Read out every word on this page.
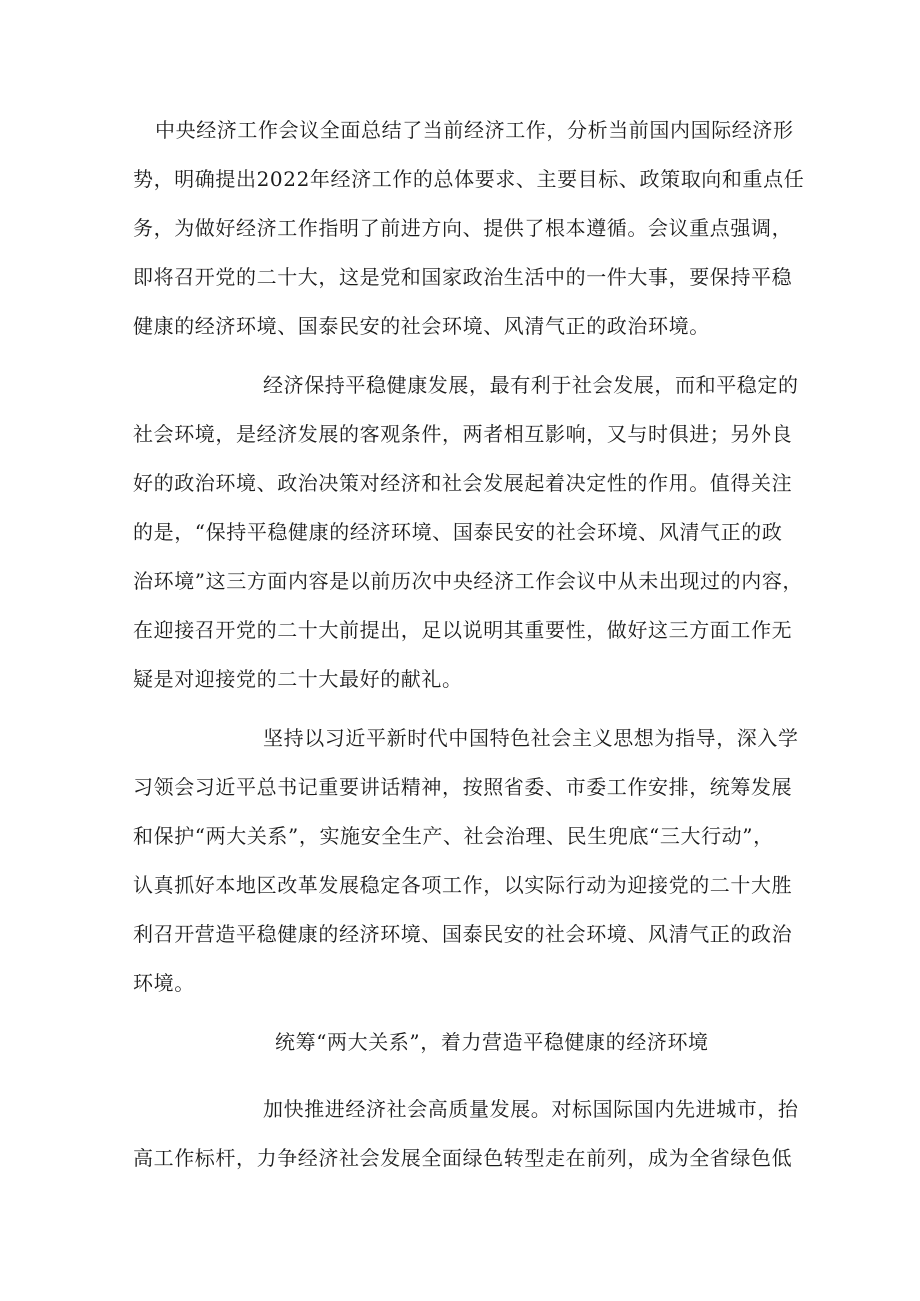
中央经济工作会议全面总结了当前经济工作，分析当前国内国际经济形
势，明确提出2022年经济工作的总体要求、主要目标、政策取向和重点任
务，为做好经济工作指明了前进方向、提供了根本遵循。会议重点强调，
即将召开党的二十大，这是党和国家政治生活中的一件大事，要保持平稳
健康的经济环境、国泰民安的社会环境、风清气正的政治环境。
经济保持平稳健康发展，最有利于社会发展，而和平稳定的
社会环境，是经济发展的客观条件，两者相互影响，又与时俱进；另外良
好的政治环境、政治决策对经济和社会发展起着决定性的作用。值得关注
的是，“保持平稳健康的经济环境、国泰民安的社会环境、风清气正的政
治环境”这三方面内容是以前历次中央经济工作会议中从未出现过的内容，
在迎接召开党的二十大前提出，足以说明其重要性，做好这三方面工作无
疑是对迎接党的二十大最好的献礼。
坚持以习近平新时代中国特色社会主义思想为指导，深入学
习领会习近平总书记重要讲话精神，按照省委、市委工作安排，统筹发展
和保护“两大关系”，实施安全生产、社会治理、民生兜底“三大行动”，
认真抓好本地区改革发展稳定各项工作，以实际行动为迎接党的二十大胜
利召开营造平稳健康的经济环境、国泰民安的社会环境、风清气正的政治
环境。
统筹“两大关系”，着力营造平稳健康的经济环境
加快推进经济社会高质量发展。对标国际国内先进城市，抬
高工作标杆，力争经济社会发展全面绿色转型走在前列，成为全省绿色低
